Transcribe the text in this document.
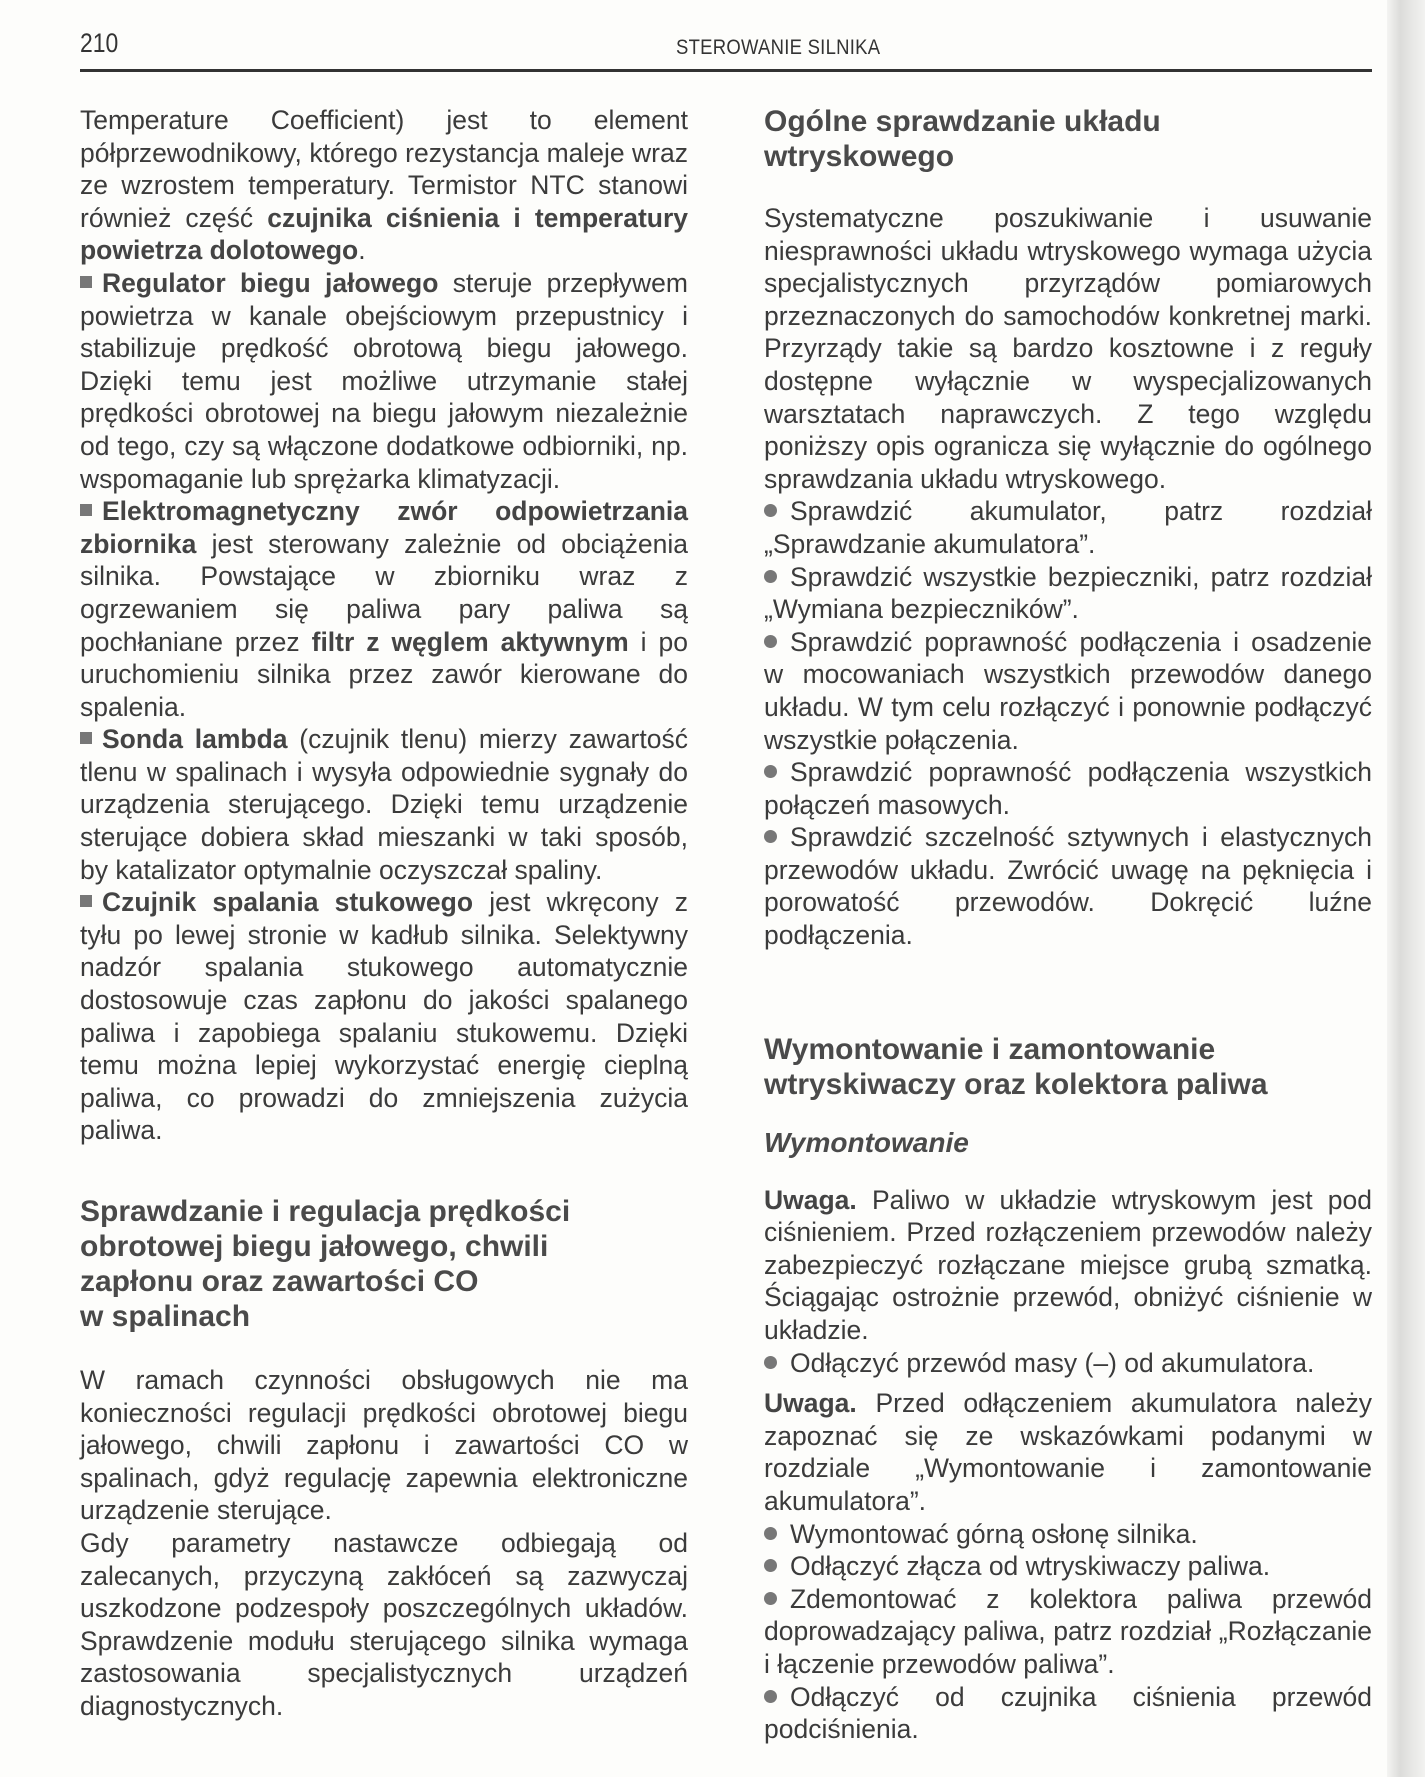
210	STEROWANIE SILNIKA

Temperature Coefficient) jest to element półprzewodnikowy, którego rezystancja maleje wraz ze wzrostem temperatury. Termistor NTC stanowi również część czujnika ciśnienia i temperatury powietrza dolotowego.

Regulator biegu jałowego steruje przepływem powietrza w kanale obejściowym przepustnicy i stabilizuje prędkość obrotową biegu jałowego. Dzięki temu jest możliwe utrzymanie stałej prędkości obrotowej na biegu jałowym niezależnie od tego, czy są włączone dodatkowe odbiorniki, np. wspomaganie lub sprężarka klimatyzacji.

Elektromagnetyczny zwór odpowietrzania zbiornika jest sterowany zależnie od obciążenia silnika. Powstające w zbiorniku wraz z ogrzewaniem się paliwa pary paliwa są pochłaniane przez filtr z węglem aktywnym i po uruchomieniu silnika przez zawór kierowane do spalenia.

Sonda lambda (czujnik tlenu) mierzy zawartość tlenu w spalinach i wysyła odpowiednie sygnały do urządzenia sterującego. Dzięki temu urządzenie sterujące dobiera skład mieszanki w taki sposób, by katalizator optymalnie oczyszczał spaliny.

Czujnik spalania stukowego jest wkręcony z tyłu po lewej stronie w kadłub silnika. Selektywny nadzór spalania stukowego automatycznie dostosowuje czas zapłonu do jakości spalanego paliwa i zapobiega spalaniu stukowemu. Dzięki temu można lepiej wykorzystać energię cieplną paliwa, co prowadzi do zmniejszenia zużycia paliwa.

Sprawdzanie i regulacja prędkości
obrotowej biegu jałowego, chwili
zapłonu oraz zawartości CO
w spalinach

W ramach czynności obsługowych nie ma konieczności regulacji prędkości obrotowej biegu jałowego, chwili zapłonu i zawartości CO w spalinach, gdyż regulację zapewnia elektroniczne urządzenie sterujące.

Gdy parametry nastawcze odbiegają od zalecanych, przyczyną zakłóceń są zazwyczaj uszkodzone podzespoły poszczególnych układów. Sprawdzenie modułu sterującego silnika wymaga zastosowania specjalistycznych urządzeń diagnostycznych.

Ogólne sprawdzanie układu
wtryskowego

Systematyczne poszukiwanie i usuwanie niesprawności układu wtryskowego wymaga użycia specjalistycznych przyrządów pomiarowych przeznaczonych do samochodów konkretnej marki. Przyrządy takie są bardzo kosztowne i z reguły dostępne wyłącznie w wyspecjalizowanych warsztatach naprawczych. Z tego względu poniższy opis ogranicza się wyłącznie do ogólnego sprawdzania układu wtryskowego.

Sprawdzić akumulator, patrz rozdział „Sprawdzanie akumulatora”.

Sprawdzić wszystkie bezpieczniki, patrz rozdział „Wymiana bezpieczników”.

Sprawdzić poprawność podłączenia i osadzenie w mocowaniach wszystkich przewodów danego układu. W tym celu rozłączyć i ponownie podłączyć wszystkie połączenia.

Sprawdzić poprawność podłączenia wszystkich połączeń masowych.

Sprawdzić szczelność sztywnych i elastycznych przewodów układu. Zwrócić uwagę na pęknięcia i porowatość przewodów. Dokręcić luźne podłączenia.

Wymontowanie i zamontowanie
wtryskiwaczy oraz kolektora paliwa
Wymontowanie

Uwaga. Paliwo w układzie wtryskowym jest pod ciśnieniem. Przed rozłączeniem przewodów należy zabezpieczyć rozłączane miejsce grubą szmatką. Ściągając ostrożnie przewód, obniżyć ciśnienie w układzie.

Odłączyć przewód masy (–) od akumulatora.

Uwaga. Przed odłączeniem akumulatora należy zapoznać się ze wskazówkami podanymi w rozdziale „Wymontowanie i zamontowanie akumulatora”.

Wymontować górną osłonę silnika.

Odłączyć złącza od wtryskiwaczy paliwa.

Zdemontować z kolektora paliwa przewód doprowadzający paliwa, patrz rozdział „Rozłączanie i łączenie przewodów paliwa”.

Odłączyć od czujnika ciśnienia przewód podciśnienia.
